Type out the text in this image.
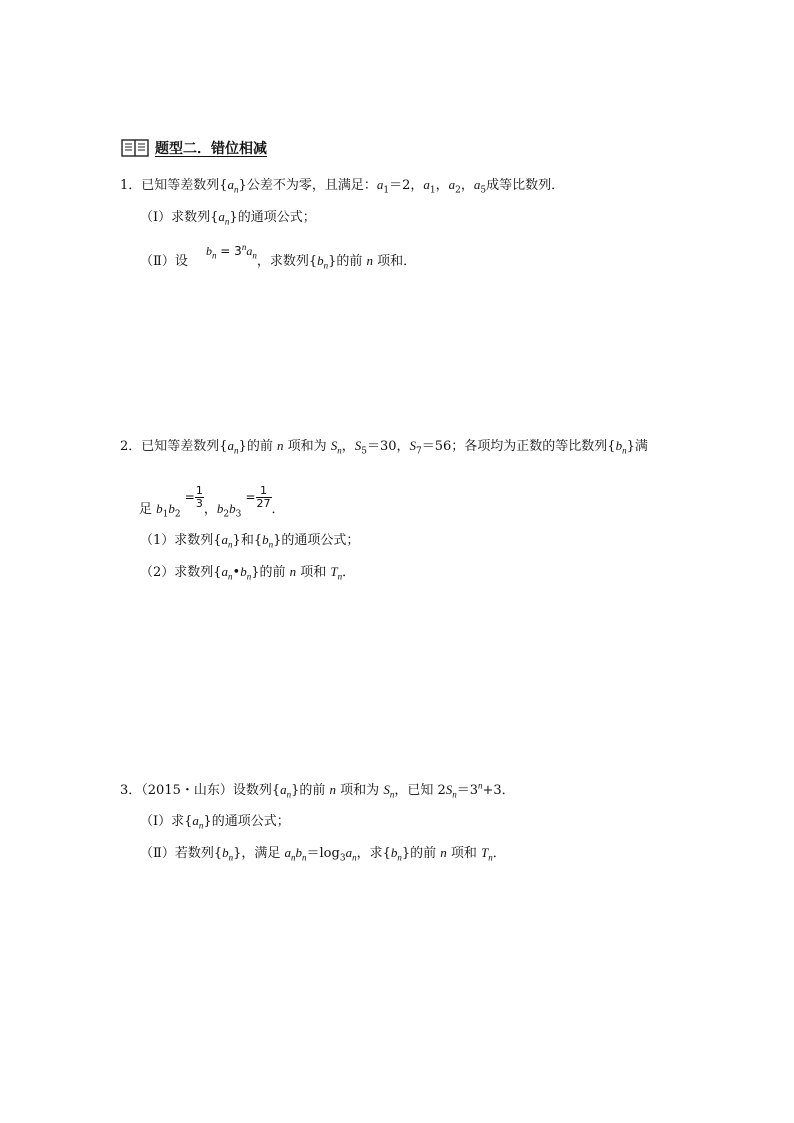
题型二．错位相减
1．已知等差数列$\{a_n\}$公差不为零，且满足：$a_1=2$，$a_1$，$a_2$，$a_5$成等比数列．
（Ⅰ）求数列$\{a_n\}$的通项公式；
（Ⅱ）设 $b_n = 3^na_n$，求数列$\{b_n\}$的前 n 项和．
2．已知等差数列$\{a_n\}$的前 n 项和为 $S_n$，$S_5=30$，$S_7=56$；各项均为正数的等比数列$\{b_n\}$满
足 $b_1b_2 = \frac{1}{3}$ ，$b_2b_3 = \frac{1}{27}$ ．
（1）求数列$\{a_n\}$和$\{b_n\}$的通项公式；
（2）求数列$\{a_n•b_n\}$的前 n 项和 $T_n$．
3．（2015・山东）设数列$\{a_n\}$的前 n 项和为 $S_n$，已知 $2S_n=3^n+3$．
（Ⅰ）求$\{a_n\}$的通项公式；
（Ⅱ）若数列$\{b_n\}$，满足 $a_nb_n=\log_3a_n$，求$\{b_n\}$的前 n 项和 $T_n$．
